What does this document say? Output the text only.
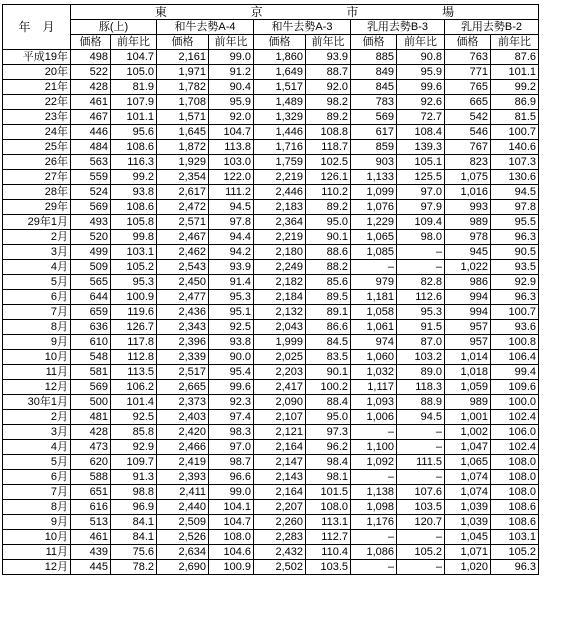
年　月	東 京 市 場									

	豚(上)		和牛去勢A-4		和牛去勢A-3		乳用去勢B-3		乳用去勢B-2	
	価格	前年比	価格	前年比	価格	前年比	価格	前年比	価格	前年比
平成19年	498	104.7	2,161	99.0	1,860	93.9	885	90.8	763	87.6
20年	522	105.0	1,971	91.2	1,649	88.7	849	95.9	771	101.1
21年	428	81.9	1,782	90.4	1,517	92.0	845	99.6	765	99.2
22年	461	107.9	1,708	95.9	1,489	98.2	783	92.6	665	86.9
23年	467	101.1	1,571	92.0	1,329	89.2	569	72.7	542	81.5
24年	446	95.6	1,645	104.7	1,446	108.8	617	108.4	546	100.7
25年	484	108.6	1,872	113.8	1,716	118.7	859	139.3	767	140.6
26年	563	116.3	1,929	103.0	1,759	102.5	903	105.1	823	107.3
27年	559	99.2	2,354	122.0	2,219	126.1	1,133	125.5	1,075	130.6
28年	524	93.8	2,617	111.2	2,446	110.2	1,099	97.0	1,016	94.5
29年	569	108.6	2,472	94.5	2,183	89.2	1,076	97.9	993	97.8
29年1月	493	105.8	2,571	97.8	2,364	95.0	1,229	109.4	989	95.5
2月	520	99.8	2,467	94.4	2,219	90.1	1,065	98.0	978	96.3
3月	499	103.1	2,462	94.2	2,180	88.6	1,085	–	945	90.5
4月	509	105.2	2,543	93.9	2,249	88.2	–	–	1,022	93.5
5月	565	95.3	2,450	91.4	2,182	85.6	979	82.8	986	92.9
6月	644	100.9	2,477	95.3	2,184	89.5	1,181	112.6	994	96.3
7月	659	119.6	2,436	95.1	2,132	89.1	1,058	95.3	994	100.7
8月	636	126.7	2,343	92.5	2,043	86.6	1,061	91.5	957	93.6
9月	610	117.8	2,396	93.8	1,999	84.5	974	87.0	957	100.8
10月	548	112.8	2,339	90.0	2,025	83.5	1,060	103.2	1,014	106.4
11月	581	113.5	2,517	95.4	2,203	90.1	1,032	89.0	1,018	99.4
12月	569	106.2	2,665	99.6	2,417	100.2	1,117	118.3	1,059	109.6
30年1月	500	101.4	2,373	92.3	2,090	88.4	1,093	88.9	989	100.0
2月	481	92.5	2,403	97.4	2,107	95.0	1,006	94.5	1,001	102.4
3月	428	85.8	2,420	98.3	2,121	97.3	–	–	1,002	106.0
4月	473	92.9	2,466	97.0	2,164	96.2	1,100	–	1,047	102.4
5月	620	109.7	2,419	98.7	2,147	98.4	1,092	111.5	1,065	108.0
6月	588	91.3	2,393	96.6	2,143	98.1	–	–	1,074	108.0
7月	651	98.8	2,411	99.0	2,164	101.5	1,138	107.6	1,074	108.0
8月	616	96.9	2,440	104.1	2,207	108.0	1,098	103.5	1,039	108.6
9月	513	84.1	2,509	104.7	2,260	113.1	1,176	120.7	1,039	108.6
10月	461	84.1	2,526	108.0	2,283	112.7	–	–	1,045	103.1
11月	439	75.6	2,634	104.6	2,432	110.4	1,086	105.2	1,071	105.2
12月	445	78.2	2,690	100.9	2,502	103.5	–	–	1,020	96.3
